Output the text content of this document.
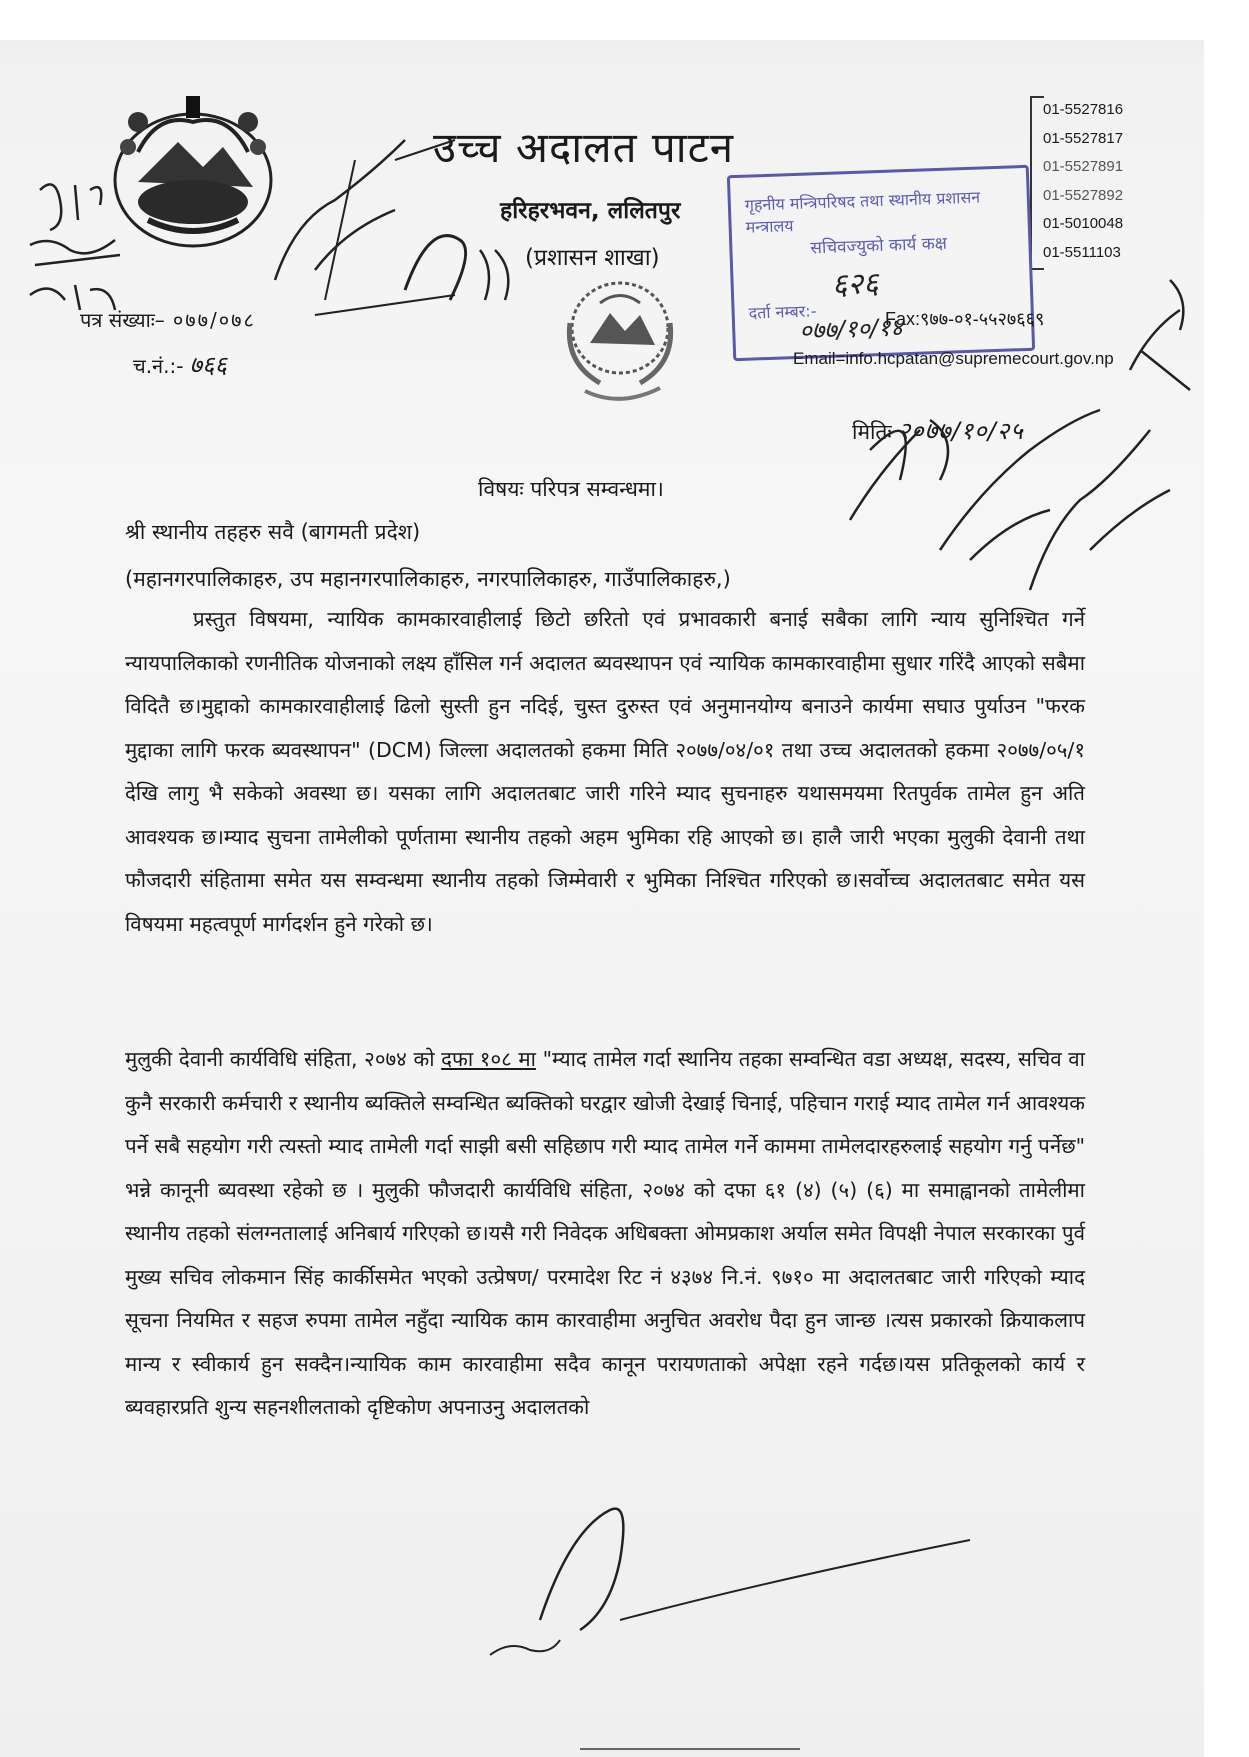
उच्च अदालत पाटन
हरिहरभवन, ललितपुर
(प्रशासन शाखा)
01-5527816
01-5527817
01-5527891
01-5527892
01-5010048
01-5511103
गृहनीय मन्त्रिपरिषद तथा स्थानीय प्रशासन मन्त्रालय
सचिवज्युको कार्य कक्ष
६२६
दर्ता नम्बर:-
०७७/१०/१४
Fax:९७७-०१-५५२७६६९
Email=info.hcpatan@supremecourt.gov.np
पत्र संख्याः– ०७७/०७८
च.नं.:- ७६६
मितिः २०७७/१०/२५
विषयः परिपत्र सम्वन्धमा।
श्री स्थानीय तहहरु सवै (बागमती प्रदेश)
(महानगरपालिकाहरु, उप महानगरपालिकाहरु, नगरपालिकाहरु, गाउँपालिकाहरु,)

प्रस्तुत विषयमा, न्यायिक कामकारवाहीलाई छिटो छरितो एवं प्रभावकारी बनाई सबैका लागि न्याय सुनिश्चित गर्ने न्यायपालिकाको रणनीतिक योजनाको लक्ष्य हाँसिल गर्न अदालत ब्यवस्थापन एवं न्यायिक कामकारवाहीमा सुधार गरिंदै आएको सबैमा विदितै छ।मुद्दाको कामकारवाहीलाई ढिलो सुस्ती हुन नदिई, चुस्त दुरुस्त एवं अनुमानयोग्य बनाउने कार्यमा सघाउ पुर्याउन "फरक मुद्दाका लागि फरक ब्यवस्थापन" (DCM) जिल्ला अदालतको हकमा मिति २०७७/०४/०१ तथा उच्च अदालतको हकमा २०७७/०५/१ देखि लागु भै सकेको अवस्था छ। यसका लागि अदालतबाट जारी गरिने म्याद सुचनाहरु यथासमयमा रितपुर्वक तामेल हुन अति आवश्यक छ।म्याद सुचना तामेलीको पूर्णतामा स्थानीय तहको अहम भुमिका रहि आएको छ। हालै जारी भएका मुलुकी देवानी तथा फौजदारी संहितामा समेत यस सम्वन्धमा स्थानीय तहको जिम्मेवारी र भुमिका निश्चित गरिएको छ।सर्वोच्च अदालतबाट समेत यस विषयमा महत्वपूर्ण मार्गदर्शन हुने गरेको छ।

मुलुकी देवानी कार्यविधि संहिता, २०७४ को दफा १०८ मा "म्याद तामेल गर्दा स्थानिय तहका सम्वन्धित वडा अध्यक्ष, सदस्य, सचिव वा कुनै सरकारी कर्मचारी र स्थानीय ब्यक्तिले सम्वन्धित ब्यक्तिको घरद्वार खोजी देखाई चिनाई, पहिचान गराई म्याद तामेल गर्न आवश्यक पर्ने सबै सहयोग गरी त्यस्तो म्याद तामेली गर्दा साझी बसी सहिछाप गरी म्याद तामेल गर्ने काममा तामेलदारहरुलाई सहयोग गर्नु पर्नेछ" भन्ने कानूनी ब्यवस्था रहेको छ । मुलुकी फौजदारी कार्यविधि संहिता, २०७४ को दफा ६१ (४) (५) (६) मा समाह्वानको तामेलीमा स्थानीय तहको संलग्नतालाई अनिबार्य गरिएको छ।यसै गरी निवेदक अधिबक्ता ओमप्रकाश अर्याल समेत विपक्षी नेपाल सरकारका पुर्व मुख्य सचिव लोकमान सिंह कार्कीसमेत भएको उत्प्रेषण/ परमादेश रिट नं ४३७४ नि.नं. ९७१० मा अदालतबाट जारी गरिएको म्याद सूचना नियमित र सहज रुपमा तामेल नहुँदा न्यायिक काम कारवाहीमा अनुचित अवरोध पैदा हुन जान्छ ।त्यस प्रकारको क्रियाकलाप मान्य र स्वीकार्य हुन सक्दैन।न्यायिक काम कारवाहीमा सदैव कानून परायणताको अपेक्षा रहने गर्दछ।यस प्रतिकूलको कार्य र ब्यवहारप्रति शुन्य सहनशीलताको दृष्टिकोण अपनाउनु अदालतको
